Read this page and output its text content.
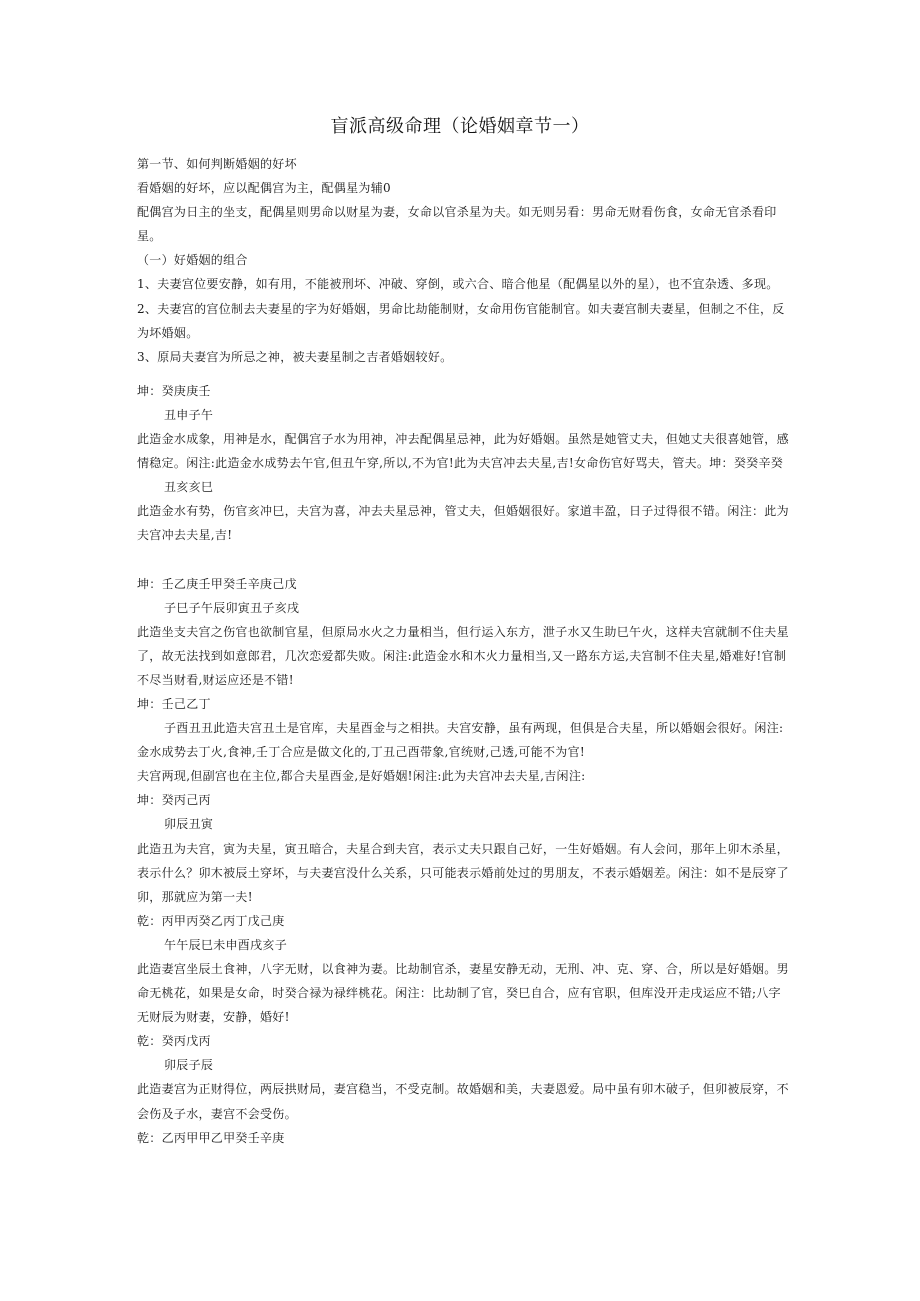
盲派高级命理（论婚姻章节一）

第一节、如何判断婚姻的好坏

看婚姻的好坏，应以配偶宫为主，配偶星为辅0

配偶宫为日主的坐支，配偶星则男命以财星为妻，女命以官杀星为夫。如无则另看：男命无财看伤食，女命无官杀看印星。

（一）好婚姻的组合

1、夫妻宫位要安静，如有用，不能被刑坏、冲破、穿倒，或六合、暗合他星（配偶星以外的星），也不宜杂透、多现。

2、夫妻宫的宫位制去夫妻星的字为好婚姻，男命比劫能制财，女命用伤官能制官。如夫妻宫制夫妻星，但制之不住，反为坏婚姻。

3、原局夫妻宫为所忌之神，被夫妻星制之吉者婚姻较好。

坤：癸庚庚壬

丑申子午

此造金水成象，用神是水，配偶宫子水为用神，冲去配偶星忌神，此为好婚姻。虽然是她管丈夫，但她丈夫很喜她管，感情稳定。闲注:此造金水成势去午官,但丑午穿,所以,不为官!此为夫宫冲去夫星,吉!女命伤官好骂夫，管夫。坤：癸癸辛癸

丑亥亥巳

此造金水有势，伤官亥冲巳，夫宫为喜，冲去夫星忌神，管丈夫，但婚姻很好。家道丰盈，日子过得很不错。闲注：此为夫宫冲去夫星,吉!

坤：壬乙庚壬甲癸壬辛庚己戊

子巳子午辰卯寅丑子亥戌

此造坐支夫宫之伤官也欲制官星，但原局水火之力量相当，但行运入东方，泄子水又生助巳午火，这样夫宫就制不住夫星了，故无法找到如意郎君，几次恋爱都失败。闲注:此造金水和木火力量相当,又一路东方运,夫宫制不住夫星,婚难好!官制不尽当财看,财运应还是不错!

坤：壬己乙丁

子酉丑丑此造夫宫丑土是官库，夫星酉金与之相拱。夫宫安静，虽有两现，但俱是合夫星，所以婚姻会很好。闲注:金水成势去丁火,食神,壬丁合应是做文化的,丁丑己酉带象,官统财,己透,可能不为官!

夫宫两现,但副宫也在主位,都合夫星酉金,是好婚姻!闲注:此为夫宫冲去夫星,吉闲注:

坤：癸丙己丙

卯辰丑寅

此造丑为夫宫，寅为夫星，寅丑暗合，夫星合到夫宫，表示丈夫只跟自己好，一生好婚姻。有人会问，那年上卯木杀星，表示什么？卯木被辰土穿坏，与夫妻宫没什么关系，只可能表示婚前处过的男朋友，不表示婚姻差。闲注：如不是辰穿了卯，那就应为第一夫!

乾：丙甲丙癸乙丙丁戊己庚

午午辰巳未申酉戌亥子

此造妻宫坐辰土食神，八字无财，以食神为妻。比劫制官杀，妻星安静无动，无刑、冲、克、穿、合，所以是好婚姻。男命无桃花，如果是女命，时癸合禄为禄绊桃花。闲注：比劫制了官，癸巳自合，应有官职，但库没开走戌运应不错;八字无财辰为财妻，安静，婚好!

乾：癸丙戊丙

卯辰子辰

此造妻宫为正财得位，两辰拱财局，妻宫稳当，不受克制。故婚姻和美，夫妻恩爱。局中虽有卯木破子，但卯被辰穿，不会伤及子水，妻宫不会受伤。

乾：乙丙甲甲乙甲癸壬辛庚
